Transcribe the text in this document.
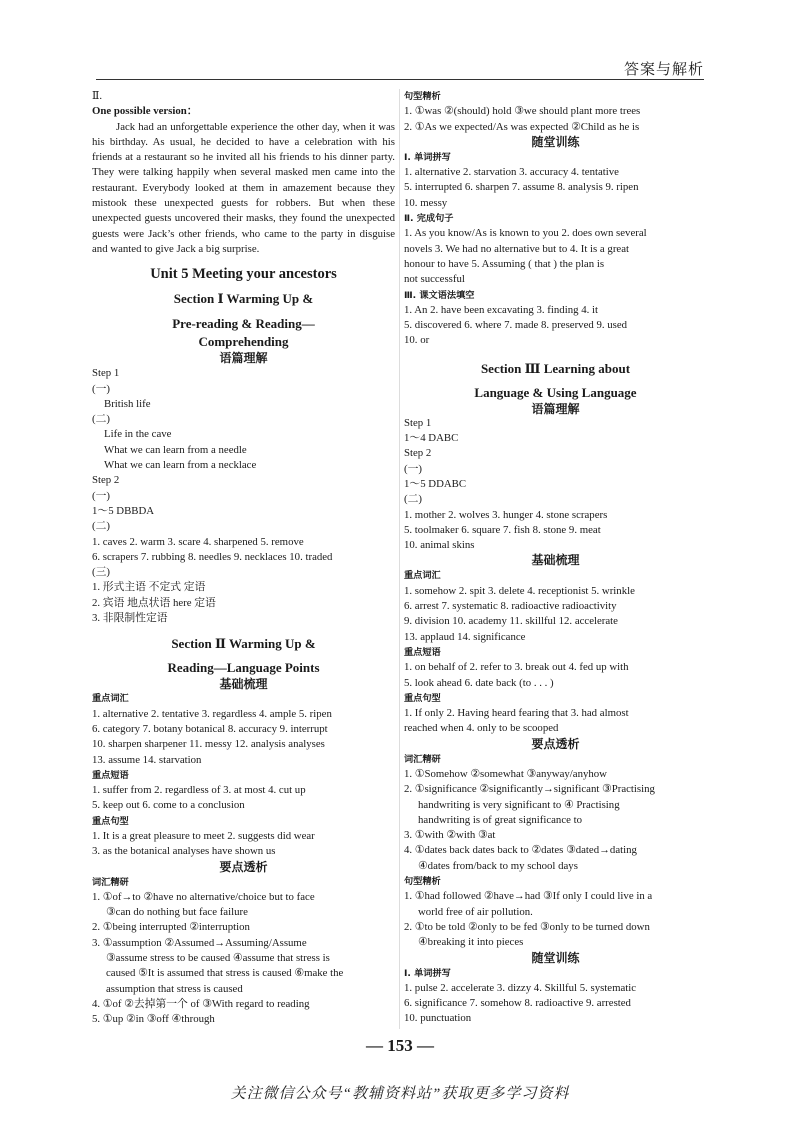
答案与解析
Ⅱ.
One possible version：
Jack had an unforgettable experience the other day, when it was his birthday. As usual, he decided to have a celebration with his friends at a restaurant so he invited all his friends to his dinner party. They were talking happily when several masked men came into the restaurant. Everybody looked at them in amazement because they mistook these unexpected guests for robbers. But when these unexpected guests uncovered their masks, they found the unexpected guests were Jack’s other friends, who came to the party in disguise and wanted to give Jack a big surprise.
Unit 5 Meeting your ancestors
Section Ⅰ Warming Up &
Pre-reading & Reading—
Comprehending
语篇理解
Step 1
(一)
British life
(二)
Life in the cave
What we can learn from a needle
What we can learn from a necklace
Step 2
(一)
1～5 DBBDA
(二)
1. caves 2. warm 3. scare 4. sharpened 5. remove
6. scrapers 7. rubbing 8. needles 9. necklaces 10. traded
(三)
1. 形式主语 不定式 定语
2. 宾语 地点状语 here 定语
3. 非限制性定语
Section Ⅱ Warming Up &
Reading—Language Points
基础梳理
重点词汇
1. alternative 2. tentative 3. regardless 4. ample 5. ripen
6. category 7. botany botanical 8. accuracy 9. interrupt
10. sharpen sharpener 11. messy 12. analysis analyses
13. assume 14. starvation
重点短语
1. suffer from 2. regardless of 3. at most 4. cut up
5. keep out 6. come to a conclusion
重点句型
1. It is a great pleasure to meet 2. suggests did wear
3. as the botanical analyses have shown us
要点透析
词汇精研
1. ①of→to ②have no alternative/choice but to face
③can do nothing but face failure
2. ①being interrupted ②interruption
3. ①assumption ②Assumed→Assuming/Assume
③assume stress to be caused ④assume that stress is
caused ⑤It is assumed that stress is caused ⑥make the
assumption that stress is caused
4. ①of ②去掉第一个 of ③With regard to reading
5. ①up ②in ③off ④through
句型精析
1. ①was ②(should) hold ③we should plant more trees
2. ①As we expected/As was expected ②Child as he is
随堂训练
Ⅰ. 单词拼写
1. alternative 2. starvation 3. accuracy 4. tentative
5. interrupted 6. sharpen 7. assume 8. analysis 9. ripen
10. messy
Ⅱ. 完成句子
1. As you know/As is known to you 2. does own several
novels 3. We had no alternative but to 4. It is a great
honour to have 5. Assuming ( that ) the plan is
not successful
Ⅲ. 课文语法填空
1. An 2. have been excavating 3. finding 4. it
5. discovered 6. where 7. made 8. preserved 9. used
10. or
Section Ⅲ Learning about
Language & Using Language
语篇理解
Step 1
1～4 DABC
Step 2
(一)
1～5 DDABC
(二)
1. mother 2. wolves 3. hunger 4. stone scrapers
5. toolmaker 6. square 7. fish 8. stone 9. meat
10. animal skins
基础梳理
重点词汇
1. somehow 2. spit 3. delete 4. receptionist 5. wrinkle
6. arrest 7. systematic 8. radioactive radioactivity
9. division 10. academy 11. skillful 12. accelerate
13. applaud 14. significance
重点短语
1. on behalf of 2. refer to 3. break out 4. fed up with
5. look ahead 6. date back (to . . . )
重点句型
1. If only 2. Having heard fearing that 3. had almost
reached when 4. only to be scooped
要点透析
词汇精研
1. ①Somehow ②somewhat ③anyway/anyhow
2. ①significance ②significantly→significant ③Practising
handwriting is very significant to ④ Practising
handwriting is of great significance to
3. ①with ②with ③at
4. ①dates back dates back to ②dates ③dated→dating
④dates from/back to my school days
句型精析
1. ①had followed ②have→had ③If only I could live in a
world free of air pollution.
2. ①to be told ②only to be fed ③only to be turned down
④breaking it into pieces
随堂训练
Ⅰ. 单词拼写
1. pulse 2. accelerate 3. dizzy 4. Skillful 5. systematic
6. significance 7. somehow 8. radioactive 9. arrested
10. punctuation
— 153 —
关注微信公众号“教辅资料站”获取更多学习资料
